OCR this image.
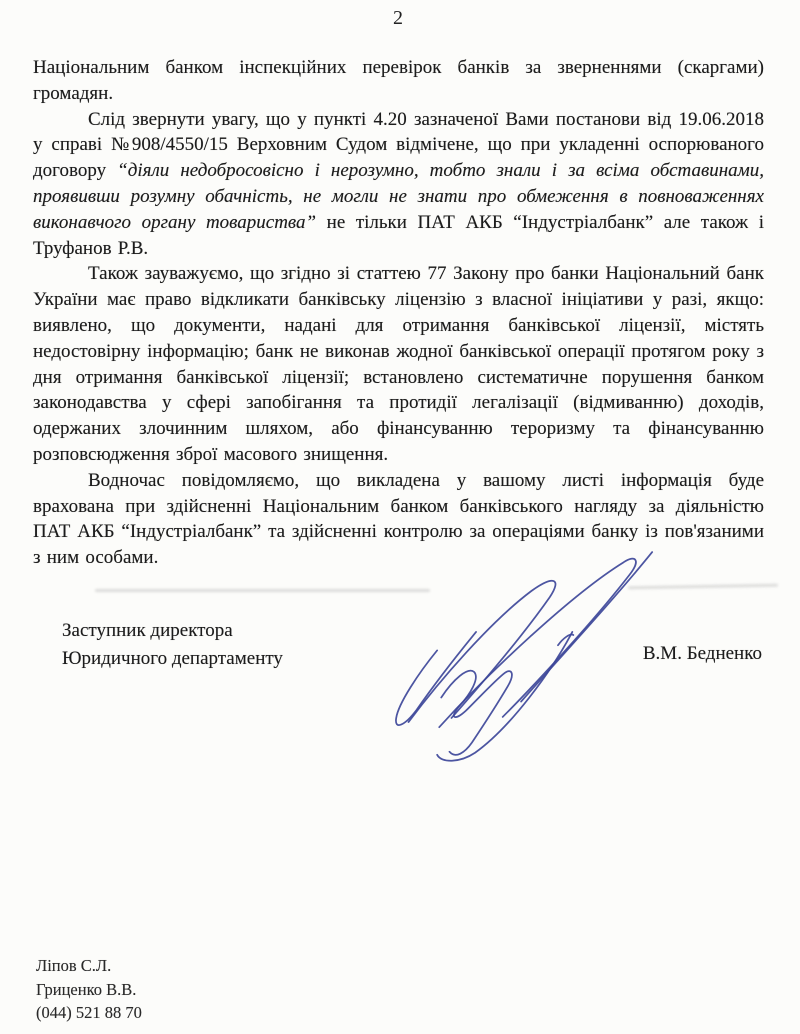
2

Національним банком інспекційних перевірок банків за зверненнями (скаргами) громадян.

Слід звернути увагу, що у пункті 4.20 зазначеної Вами постанови від 19.06.2018 у справі №908/4550/15 Верховним Судом відмічене, що при укладенні оспорюваного договору “діяли недобросовісно і нерозумно, тобто знали і за всіма обставинами, проявивши розумну обачність, не могли не знати про обмеження в повноваженнях виконавчого органу товариства” не тільки ПАТ АКБ “Індустріалбанк” але також і Труфанов Р.В.

Також зауважуємо, що згідно зі статтею 77 Закону про банки Національний банк України має право відкликати банківську ліцензію з власної ініціативи у разі, якщо: виявлено, що документи, надані для отримання банківської ліцензії, містять недостовірну інформацію; банк не виконав жодної банківської операції протягом року з дня отримання банківської ліцензії; встановлено систематичне порушення банком законодавства у сфері запобігання та протидії легалізації (відмиванню) доходів, одержаних злочинним шляхом, або фінансуванню тероризму та фінансуванню розповсюдження зброї масового знищення.

Водночас повідомляємо, що викладена у вашому листі інформація буде врахована при здійсненні Національним банком банківського нагляду за діяльністю ПАТ АКБ “Індустріалбанк” та здійсненні контролю за операціями банку із пов'язаними з ним особами.

Заступник директора
Юридичного департаменту	В.М. Бедненко
Ліпов С.Л.
Гриценко В.В.
(044) 521 88 70
